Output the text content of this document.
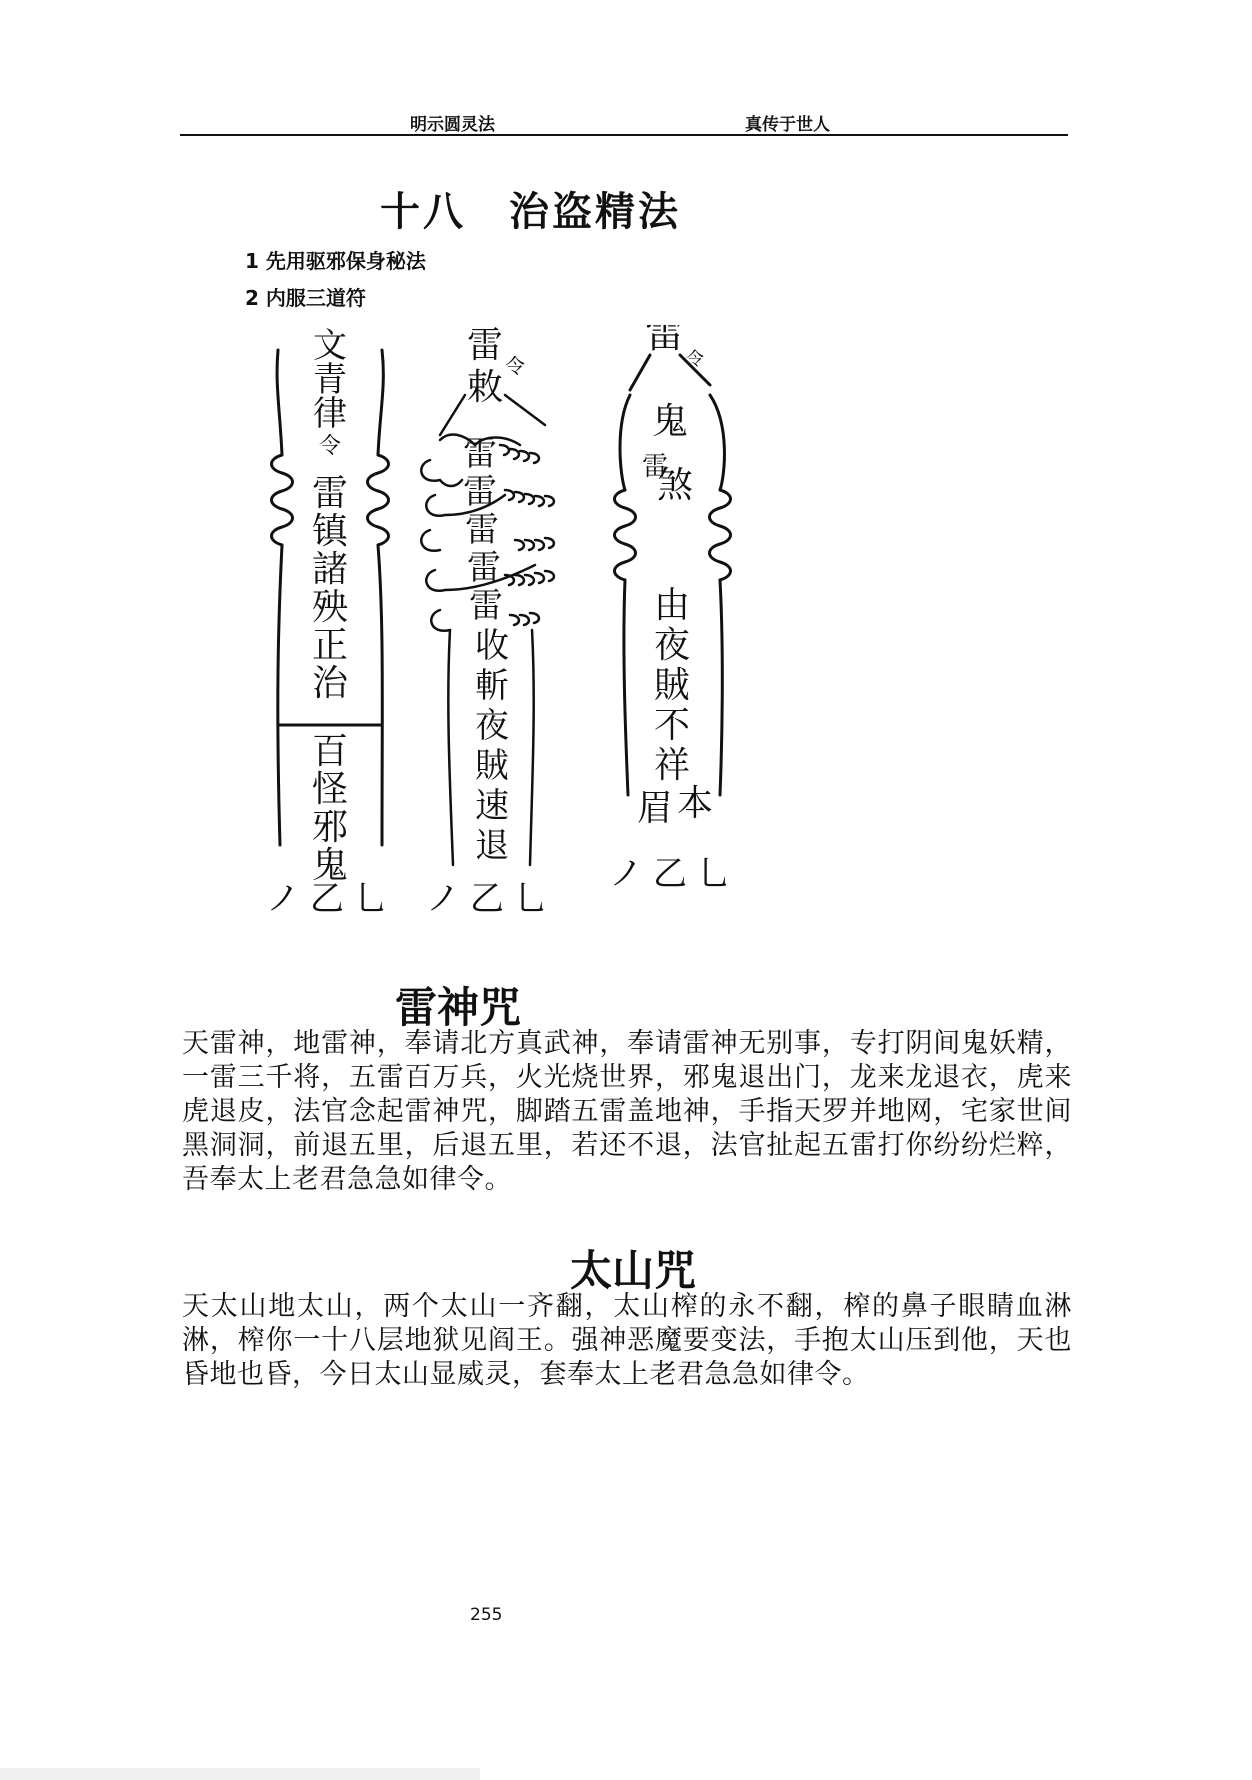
明示圆灵法	真传于世人
十八　治盗精法
1 先用驱邪保身秘法
2 内服三道符
文
青
律
令
雷
镇
諸
殃
正
治
百
怪
邪
鬼
ノ乙乚
雷
敕
令
雷
雷
雷
雷
雷
收
斬
夜
賊
速
退
ノ乙乚
雷
令
鬼
雷
煞
由
夜
賊
不
祥
眉 本
ノ乙乚
雷神咒
天雷神，地雷神，奉请北方真武神，奉请雷神无别事，专打阴间鬼妖精，一雷三千将，五雷百万兵，火光烧世界，邪鬼退出门，龙来龙退衣，虎来虎退皮，法官念起雷神咒，脚踏五雷盖地神，手指天罗并地网，宅家世间黑洞洞，前退五里，后退五里，若还不退，法官扯起五雷打你纷纷烂粹，吾奉太上老君急急如律令。
太山咒
天太山地太山，两个太山一齐翻，太山榨的永不翻，榨的鼻子眼睛血淋淋，榨你一十八层地狱见阎王。强神恶魔要变法，手抱太山压到他，天也昏地也昏，今日太山显威灵，套奉太上老君急急如律令。
255
